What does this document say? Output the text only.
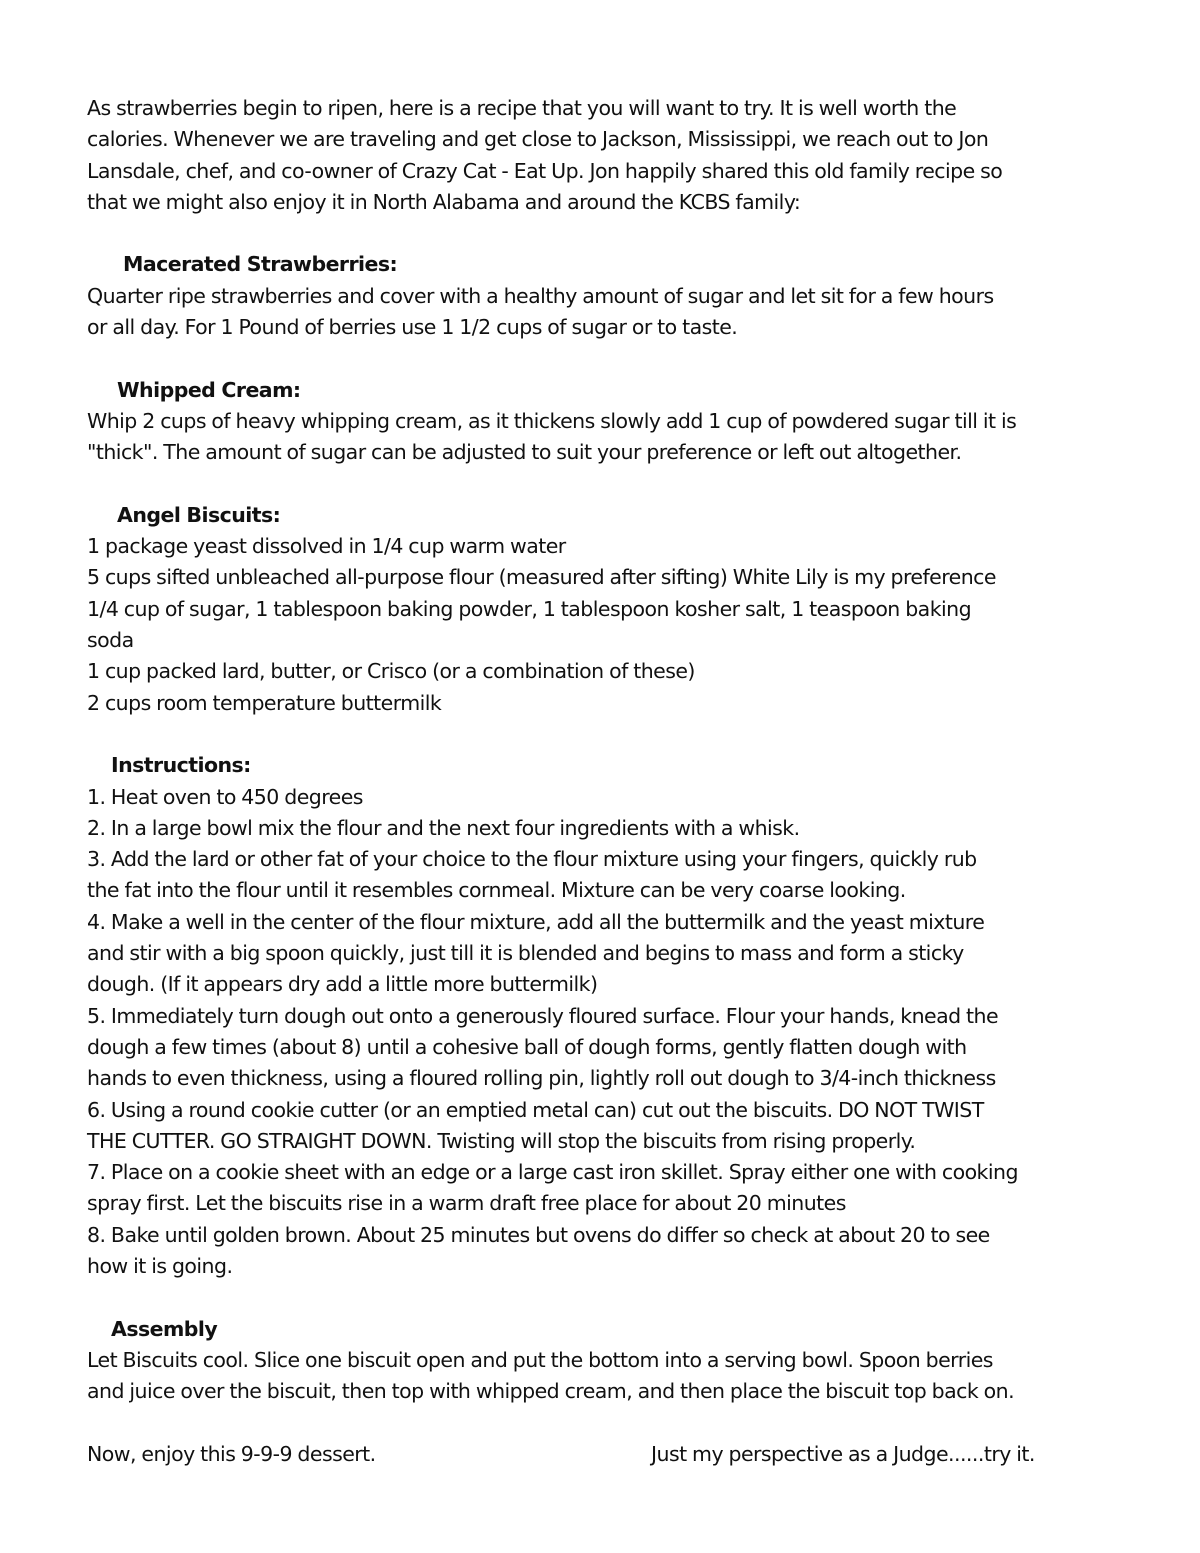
As strawberries begin to ripen, here is a recipe that you will want to try. It is well worth the
calories. Whenever we are traveling and get close to Jackson, Mississippi, we reach out to Jon
Lansdale, chef, and co-owner of Crazy Cat - Eat Up. Jon happily shared this old family recipe so
that we might also enjoy it in North Alabama and around the KCBS family:
Macerated Strawberries:
Quarter ripe strawberries and cover with a healthy amount of sugar and let sit for a few hours
or all day. For 1 Pound of berries use 1 1/2 cups of sugar or to taste.
Whipped Cream:
Whip 2 cups of heavy whipping cream, as it thickens slowly add 1 cup of powdered sugar till it is
"thick". The amount of sugar can be adjusted to suit your preference or left out altogether.
Angel Biscuits:
1 package yeast dissolved in 1/4 cup warm water
5 cups sifted unbleached all-purpose flour (measured after sifting) White Lily is my preference
1/4 cup of sugar, 1 tablespoon baking powder, 1 tablespoon kosher salt, 1 teaspoon baking
soda
1 cup packed lard, butter, or Crisco (or a combination of these)
2 cups room temperature buttermilk
Instructions:
1. Heat oven to 450 degrees
2. In a large bowl mix the flour and the next four ingredients with a whisk.
3. Add the lard or other fat of your choice to the flour mixture using your fingers, quickly rub
the fat into the flour until it resembles cornmeal. Mixture can be very coarse looking.
4. Make a well in the center of the flour mixture, add all the buttermilk and the yeast mixture
and stir with a big spoon quickly, just till it is blended and begins to mass and form a sticky
dough. (If it appears dry add a little more buttermilk)
5. Immediately turn dough out onto a generously floured surface. Flour your hands, knead the
dough a few times (about 8) until a cohesive ball of dough forms, gently flatten dough with
hands to even thickness, using a floured rolling pin, lightly roll out dough to 3/4-inch thickness
6. Using a round cookie cutter (or an emptied metal can) cut out the biscuits. DO NOT TWIST
THE CUTTER. GO STRAIGHT DOWN. Twisting will stop the biscuits from rising properly.
7. Place on a cookie sheet with an edge or a large cast iron skillet. Spray either one with cooking
spray first. Let the biscuits rise in a warm draft free place for about 20 minutes
8. Bake until golden brown. About 25 minutes but ovens do differ so check at about 20 to see
how it is going.
Assembly
Let Biscuits cool. Slice one biscuit open and put the bottom into a serving bowl. Spoon berries
and juice over the biscuit, then top with whipped cream, and then place the biscuit top back on.
Now, enjoy this 9-9-9 dessert.	Just my perspective as a Judge......try it.
